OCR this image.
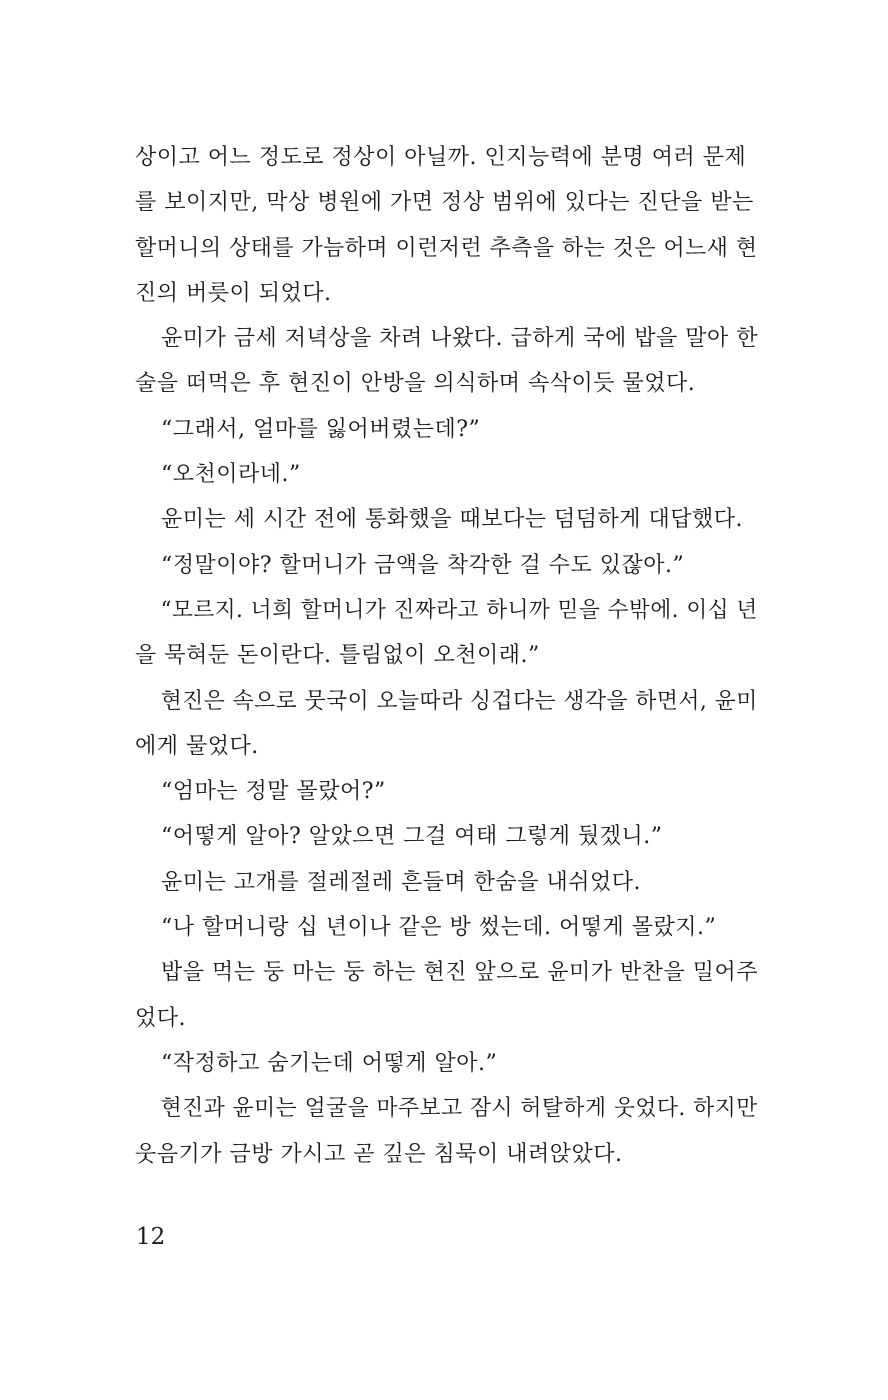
상이고 어느 정도로 정상이 아닐까. 인지능력에 분명 여러 문제
를 보이지만, 막상 병원에 가면 정상 범위에 있다는 진단을 받는
할머니의 상태를 가늠하며 이런저런 추측을 하는 것은 어느새 현
진의 버릇이 되었다.
윤미가 금세 저녁상을 차려 나왔다. 급하게 국에 밥을 말아 한
술을 떠먹은 후 현진이 안방을 의식하며 속삭이듯 물었다.
“그래서, 얼마를 잃어버렸는데?”
“오천이라네.”
윤미는 세 시간 전에 통화했을 때보다는 덤덤하게 대답했다.
“정말이야? 할머니가 금액을 착각한 걸 수도 있잖아.”
“모르지. 너희 할머니가 진짜라고 하니까 믿을 수밖에. 이십 년
을 묵혀둔 돈이란다. 틀림없이 오천이래.”
현진은 속으로 뭇국이 오늘따라 싱겁다는 생각을 하면서, 윤미
에게 물었다.
“엄마는 정말 몰랐어?”
“어떻게 알아? 알았으면 그걸 여태 그렇게 뒀겠니.”
윤미는 고개를 절레절레 흔들며 한숨을 내쉬었다.
“나 할머니랑 십 년이나 같은 방 썼는데. 어떻게 몰랐지.”
밥을 먹는 둥 마는 둥 하는 현진 앞으로 윤미가 반찬을 밀어주
었다.
“작정하고 숨기는데 어떻게 알아.”
현진과 윤미는 얼굴을 마주보고 잠시 허탈하게 웃었다. 하지만
웃음기가 금방 가시고 곧 깊은 침묵이 내려앉았다.
12
